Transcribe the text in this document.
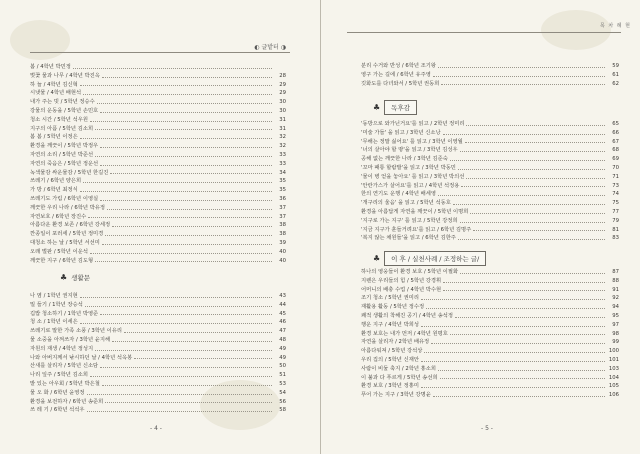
◐ 글밭터 ◑
봄 / 4학년 박민정
벚꽃 물과 나무 / 4학년 박진옥	28
하 늘 / 4학년 김신혁	29
시냇물 / 4학년 배현석	29
내가 주는 빗 / 5학년 정승수	30
강물의 운동을 / 5학년 손민호	30
청소 시간 / 5학년 석우원	31
지구의 아픔 / 5학년 김소희	31
봄 봄 / 5학년 이정은	32
환경을 깨끗이 / 5학년 박정우	32
자연의 소리 / 5학년 박준선	33
자연의 죽음은 / 5학년 정운선	33
녹색물감 싸운물감 / 5학년 한길진	34
쓰레기 / 6학년 양은희	35
가 방 / 6학년 최정식	35
쓰레기도 가림 / 6학년 이영실	36
깨끗한 우리 나라 / 6학년 박유정	37
자연보호 / 6학년 장진수	37
아름다운 환경 보존 / 6학년 강세정	38
깐종일이 포러세 / 5학년 정미경	38
대청소 하는 날 / 5학년 서선미	39
오래 벌판 / 5학년 이운석	40
깨끗한 지구 / 6학년 김도형	40
♣ 생활문
나 염 / 1학년 권지현	43
밀 들기 / 1학년 장승석	44
깁밥 청소하기 / 1학년 박영준	45
청 소 / 1학년 이세은	46
쓰레기로 말한 가족 소풍 / 3학년 이유리	47
물 소중을 아껴쓰자 / 3학년 윤지해	48
자원의 재생 / 4학년 정성지	49
나와 아버지께서 낚시하던 날 / 4학년 석옥봉	49
산새를 살리자 / 5학년 신소담	50
나리 잎주 / 5학년 김소희	51
밭 있는 아우회 / 5학년 박은철	53
물 오 화 / 6학년 윤영정	54
환경을 보전하자 / 6학년 송준희	56
쓰 레 기 / 6학년 석석우	58
- 4 -
목 차 례 현
분리 수거와 반성 / 6학년 조기왕	59
영구 가는 길에 / 6학년 유주영	61
깃화도를 다녀와서 / 5학년 권동희	62
♣	독후감
'동방으로 와가닌거요'를 읽고 / 2학년 정미리	65
'미술 가들' 을 읽고 / 3학년 신소낭	66
'무해는 정말 싫어요' 를 읽고 / 3학년 이영월	67
'너의 살아야 할 땅'을 읽고 / 3학년 김성우	68
공해 없는 깨끗한 나라 / 3학년 김준숙	69
'꼬마 패통 할람발'을 읽고 / 3학년 박동민	70
'물이 병 얻을 놓아요' 를 읽고 / 3학년 박의선	71
'안란가스가 살어요'를 읽고 / 4학년 석정용	73
한의 연기도 운행 / 4학년 배세영	74
'개구리의 울음' 을 읽고 / 5학년 석동호	75
환경을 아름답게 자연을 깨끗이 / 5학년 이명희	77
'지구로 가는 지구' 를 읽고 / 5학년 강정희	79
'지금 지구가 훈들거려요'를 읽고 / 6학년 김명주	81
'복지 않는 채원들'을 읽고 / 6학년 김한주	83
♣	이 후 / 실천사례 / 조정하는 글/
하나의 영웅들이 환경 보호 / 5학년 이필화	87
지렌은 우리들의 힘 / 5학년 강경휘	88
어머니의 배충 수업 / 4학년 박수현	91
조기 청소 / 5학년 권미리	92
재활용 활동 / 5학년 정수정	94
쾌적 생활의 착해진 공기 / 4학년 송석정	95
행운 지구 / 4학년 박희성	97
환경 보호는 내가 먼저 / 4학년 원평호	98
자연을 살리자 / 2학년 배유정	99
아름다워져 / 5학년 강석상	100
우리 집의 / 5학년 신재안	101
사람이 비둘 축지 / 2학년 홍소희	103
이 불과 다 푸르게 / 5학년 송선희	104
환경 보호 / 3학년 정홍미	105
푸어 가는 지구 / 3학년 강명윤	106
- 5 -
